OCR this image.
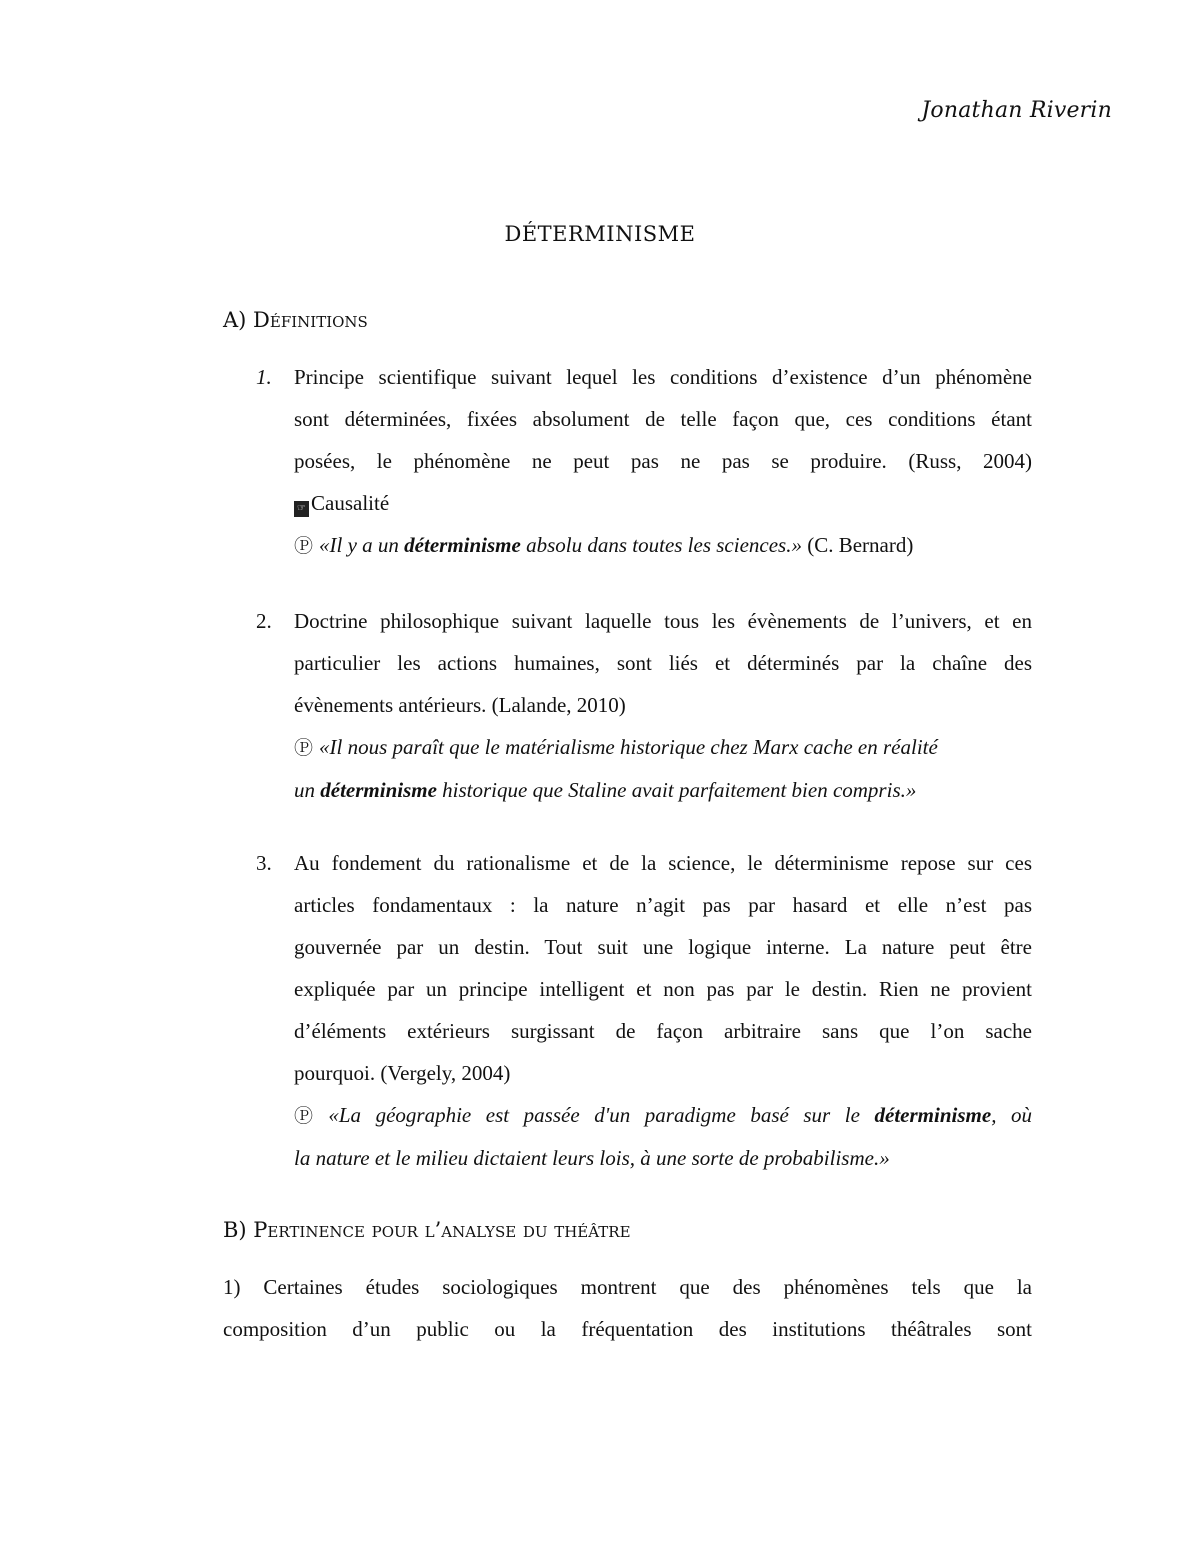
Jonathan Riverin
DÉTERMINISME
A) Définitions
1. Principe scientifique suivant lequel les conditions d’existence d’un phénomène
sont déterminées, fixées absolument de telle façon que, ces conditions étant
posées, le phénomène ne peut pas ne pas se produire. (Russ, 2004)
☞ Causalité
Ⓟ «Il y a un déterminisme absolu dans toutes les sciences.» (C. Bernard)
2. Doctrine philosophique suivant laquelle tous les évènements de l’univers, et en
particulier les actions humaines, sont liés et déterminés par la chaîne des
évènements antérieurs. (Lalande, 2010)
Ⓟ «Il nous paraît que le matérialisme historique chez Marx cache en réalité
un déterminisme historique que Staline avait parfaitement bien compris.»
3. Au fondement du rationalisme et de la science, le déterminisme repose sur ces
articles fondamentaux : la nature n’agit pas par hasard et elle n’est pas
gouvernée par un destin. Tout suit une logique interne. La nature peut être
expliquée par un principe intelligent et non pas par le destin. Rien ne provient
d’éléments extérieurs surgissant de façon arbitraire sans que l’on sache
pourquoi. (Vergely, 2004)
Ⓟ «La géographie est passée d'un paradigme basé sur le déterminisme, où
la nature et le milieu dictaient leurs lois, à une sorte de probabilisme.»
B) Pertinence pour l’analyse du théâtre
1) Certaines études sociologiques montrent que des phénomènes tels que la
composition d’un public ou la fréquentation des institutions théâtrales sont
